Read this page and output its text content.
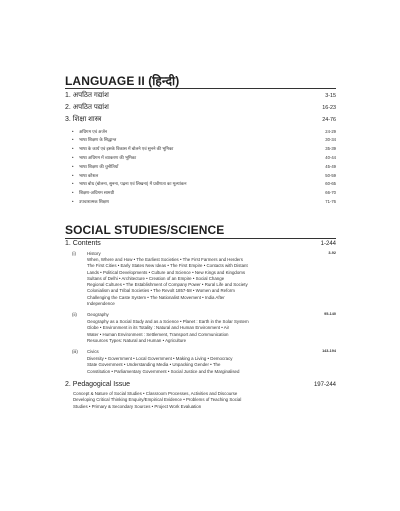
LANGUAGE II (हिन्दी)
1. अपठित गद्यांश	3-15
2. अपठित पद्यांश	16-23
3. शिक्षा शास्त्र	24-76
• अधिगम एवं अर्जन	24-29
• भाषा शिक्षण के सिद्धान्त	30-34
• भाषा के कार्य एवं इसके विकास में बोलने एवं सुनने की भूमिका	35-39
• भाषा अधिगम में व्याकरण की भूमिका	40-44
• भाषा शिक्षण की चुनौतियाँ	45-49
• भाषा कौशल	50-59
• भाषा बोध (बोलना, सुनना, पढ़ना एवं लिखना) में प्रवीणता का मूल्यांकन	60-65
• शिक्षण-अधिगम सामग्री	66-70
• उपचारात्मक शिक्षण	71-76
SOCIAL STUDIES/SCIENCE
1. Contents	1-244
(i)	History	3-92
When, Where and How • The Earliest Societies • The First Farmers and Herders
The First Cities • Early States New Ideas • The First Empire • Contacts with Distant
Lands • Political Developments • Culture and Science • New Kings and Kingdoms
Sultans of Delhi • Architecture • Creation of an Empire • Social Change
Regional Cultures • The Establishment of Company Power • Rural Life and Society
Colonialism and Tribal Societies • The Revolt 1857-58 • Women and Reform
Challenging the Caste System • The Nationalist Movement • India After
Independence
(ii) Geography	95-140
Geography as a Social Study and as a Science • Planet : Earth in the Solar System
Globe • Environment in its Totality : Natural and Human Environment • Air
Water • Human Environment : Settlement, Transport and Communication
Resources Types: Natural and Human • Agriculture
(iii) Civics	143-194
Diversity • Government • Local Government • Making a Living • Democracy
State Government • Understanding Media • Unpacking Gender • The
Constitution • Parliamentary Government • Social Justice and the Marginalised
2. Pedagogical Issue	197-244
Concept & Nature of Social Studies • Classroom Processes, Activities and Discourse
Developing Critical Thinking Enquiry/Empirical Evidence • Problems of Teaching Social
Studies • Primary & Secondary Sources • Project Work Evaluation
